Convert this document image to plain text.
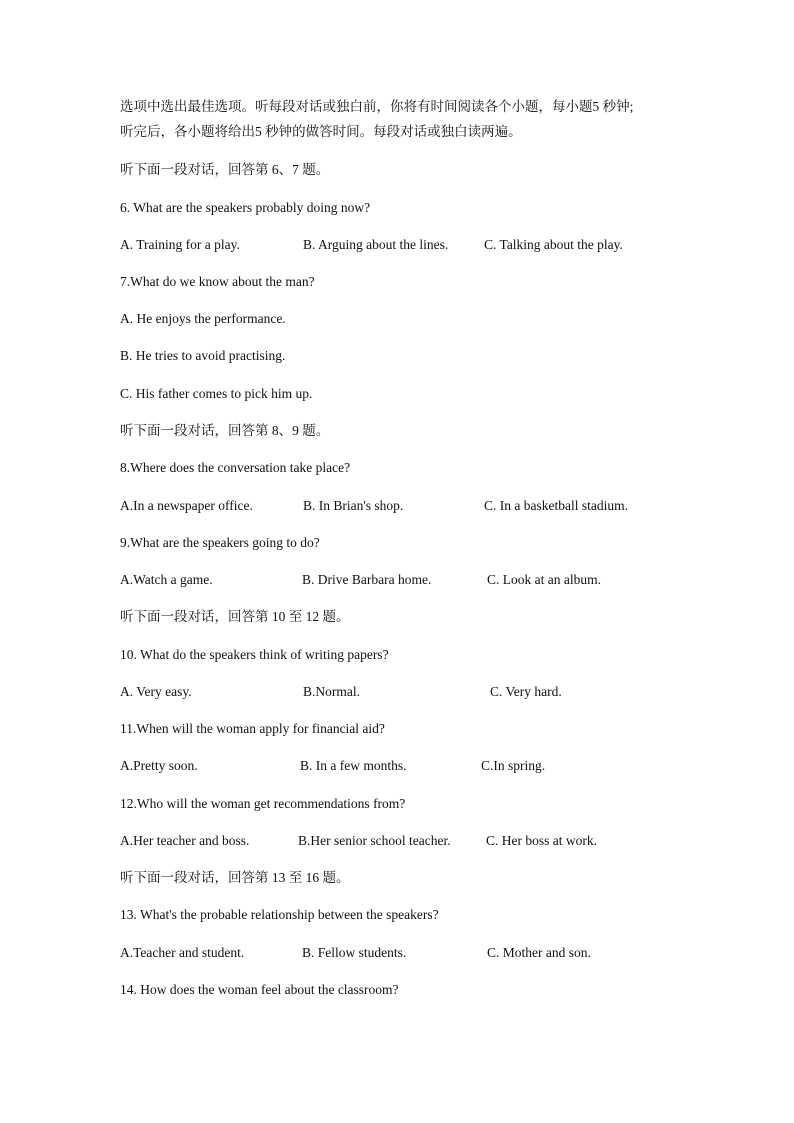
选项中选出最佳选项。听每段对话或独白前，你将有时间阅读各个小题，每小题5 秒钟;
听完后，各小题将给出5 秒钟的做答时间。每段对话或独白读两遍。
听下面一段对话，回答第 6、7 题。
6. What are the speakers probably doing now?
A. Training for a play.	B. Arguing about the lines.	C. Talking about the play.
7.What do we know about the man?
A. He enjoys the performance.
B. He tries to avoid practising.
C. His father comes to pick him up.
听下面一段对话，回答第 8、9 题。
8.Where does the conversation take place?
A.In a newspaper office.	B. In Brian's shop.	C. In a basketball stadium.
9.What are the speakers going to do?
A.Watch a game.	B. Drive Barbara home.	C. Look at an album.
听下面一段对话，回答第 10 至 12 题。
10. What do the speakers think of writing papers?
A. Very easy.	B.Normal.	C. Very hard.
11.When will the woman apply for financial aid?
A.Pretty soon.	B. In a few months.	C.In spring.
12.Who will the woman get recommendations from?
A.Her teacher and boss.	B.Her senior school teacher.	C. Her boss at work.
听下面一段对话，回答第 13 至 16 题。
13. What's the probable relationship between the speakers?
A.Teacher and student.	B. Fellow students.	C. Mother and son.
14. How does the woman feel about the classroom?
